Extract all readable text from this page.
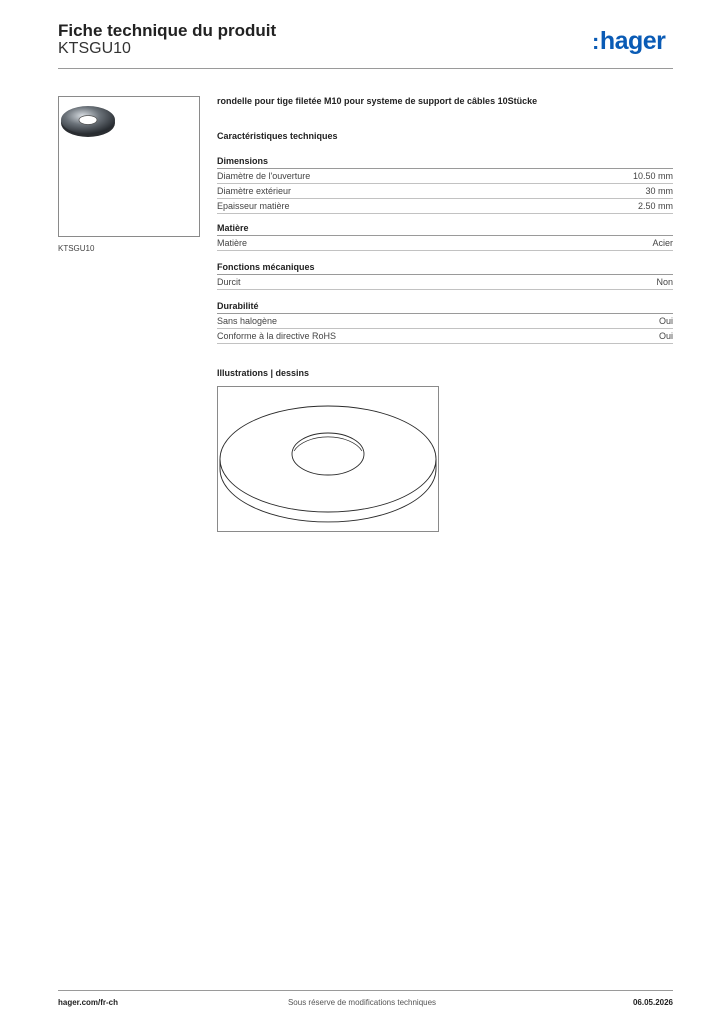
Fiche technique du produit
KTSGU10	:hager
KTSGU10
rondelle pour tige filetée M10 pour systeme de support de câbles 10Stücke
Caractéristiques techniques
Dimensions
Diamètre de l'ouverture	10.50 mm
Diamètre extérieur	30 mm
Epaisseur matière	2.50 mm
Matière
Matière	Acier
Fonctions mécaniques
Durcit	Non
Durabilité
Sans halogène	Oui
Conforme à la directive RoHS	Oui
Illustrations | dessins
hager.com/fr-ch	Sous réserve de modifications techniques	06.05.2026
